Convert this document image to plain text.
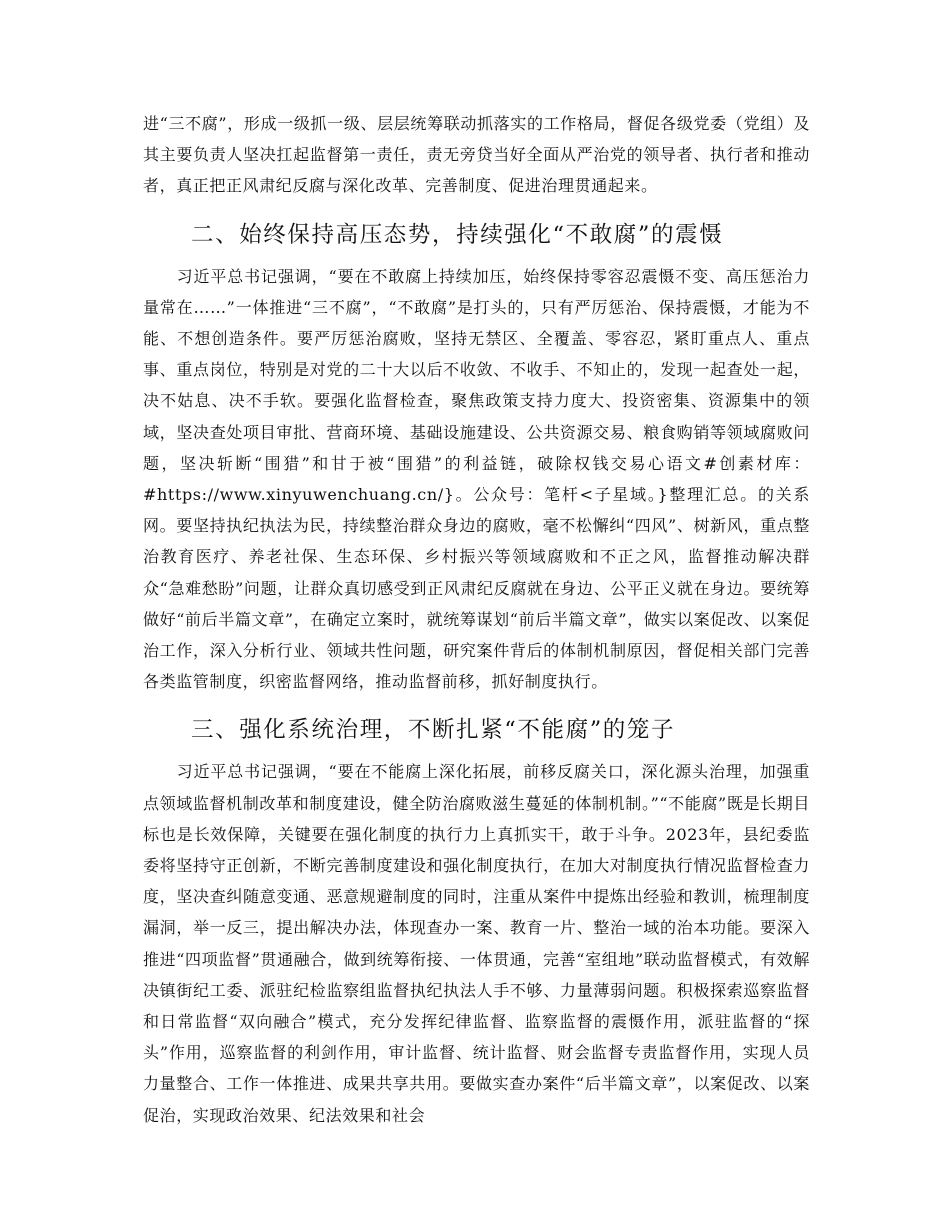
进“三不腐”，形成一级抓一级、层层统筹联动抓落实的工作格局，督促各级党委（党组）及其主要负责人坚决扛起监督第一责任，责无旁贷当好全面从严治党的领导者、执行者和推动者，真正把正风肃纪反腐与深化改革、完善制度、促进治理贯通起来。

二、始终保持高压态势，持续强化“不敢腐”的震慑

习近平总书记强调，“要在不敢腐上持续加压，始终保持零容忍震慑不变、高压惩治力量常在……”一体推进“三不腐”，“不敢腐”是打头的，只有严厉惩治、保持震慑，才能为不能、不想创造条件。要严厉惩治腐败，坚持无禁区、全覆盖、零容忍，紧盯重点人、重点事、重点岗位，特别是对党的二十大以后不收敛、不收手、不知止的，发现一起查处一起，决不姑息、决不手软。要强化监督检查，聚焦政策支持力度大、投资密集、资源集中的领域，坚决查处项目审批、营商环境、基础设施建设、公共资源交易、粮食购销等领域腐败问题，坚决斩断“围猎”和甘于被“围猎”的利益链，破除权钱交易心语文#创素材库：#https://www.xinyuwenchuang.cn/}。公众号：笔杆<子星域。}整理汇总。的关系网。要坚持执纪执法为民，持续整治群众身边的腐败，毫不松懈纠“四风”、树新风，重点整治教育医疗、养老社保、生态环保、乡村振兴等领域腐败和不正之风，监督推动解决群众“急难愁盼”问题，让群众真切感受到正风肃纪反腐就在身边、公平正义就在身边。要统筹做好“前后半篇文章”，在确定立案时，就统筹谋划“前后半篇文章”，做实以案促改、以案促治工作，深入分析行业、领域共性问题，研究案件背后的体制机制原因，督促相关部门完善各类监管制度，织密监督网络，推动监督前移，抓好制度执行。

三、强化系统治理，不断扎紧“不能腐”的笼子

习近平总书记强调，“要在不能腐上深化拓展，前移反腐关口，深化源头治理，加强重点领域监督机制改革和制度建设，健全防治腐败滋生蔓延的体制机制。”“不能腐”既是长期目标也是长效保障，关键要在强化制度的执行力上真抓实干，敢于斗争。2023年，县纪委监委将坚持守正创新，不断完善制度建设和强化制度执行，在加大对制度执行情况监督检查力度，坚决查纠随意变通、恶意规避制度的同时，注重从案件中提炼出经验和教训，梳理制度漏洞，举一反三，提出解决办法，体现查办一案、教育一片、整治一域的治本功能。要深入推进“四项监督”贯通融合，做到统筹衔接、一体贯通，完善“室组地”联动监督模式，有效解决镇街纪工委、派驻纪检监察组监督执纪执法人手不够、力量薄弱问题。积极探索巡察监督和日常监督“双向融合”模式，充分发挥纪律监督、监察监督的震慑作用，派驻监督的“探头”作用，巡察监督的利剑作用，审计监督、统计监督、财会监督专责监督作用，实现人员力量整合、工作一体推进、成果共享共用。要做实查办案件“后半篇文章”，以案促改、以案促治，实现政治效果、纪法效果和社会
